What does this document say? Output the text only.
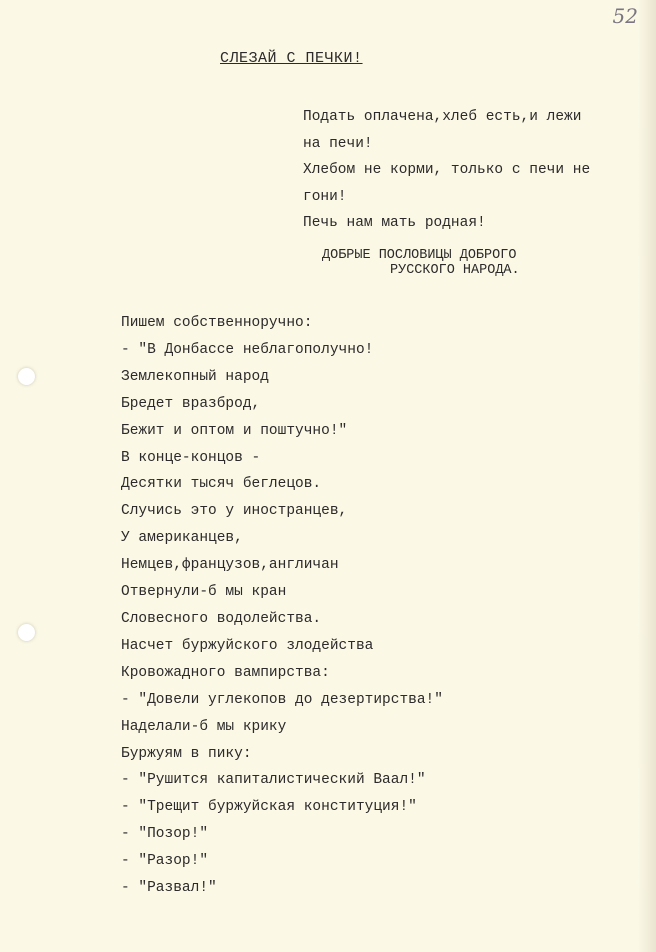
52
СЛЕЗАЙ С ПЕЧКИ!
Подать оплачена,хлеб есть,и лежи
на печи!
Хлебом не корми, только с печи не
гони!
Печь нам мать родная!
ДОБРЫЕ ПОСЛОВИЦЫ ДОБРОГО
РУССКОГО НАРОДА.
Пишем собственноручно:
- "В Донбассе неблагополучно!
Землекопный народ
Бредет вразброд,
Бежит и оптом и поштучно!"
В конце-концов -
Десятки тысяч беглецов.
Случись это у иностранцев,
У американцев,
Немцев,французов,англичан
Отвернули-б мы кран
Словесного водолейства.
Насчет буржуйского злодейства
Кровожадного вампирства:
- "Довели углекопов до дезертирства!"
Наделали-б мы крику
Буржуям в пику:
- "Рушится капиталистический Ваал!"
- "Трещит буржуйская конституция!"
- "Позор!"
- "Разор!"
- "Развал!"
